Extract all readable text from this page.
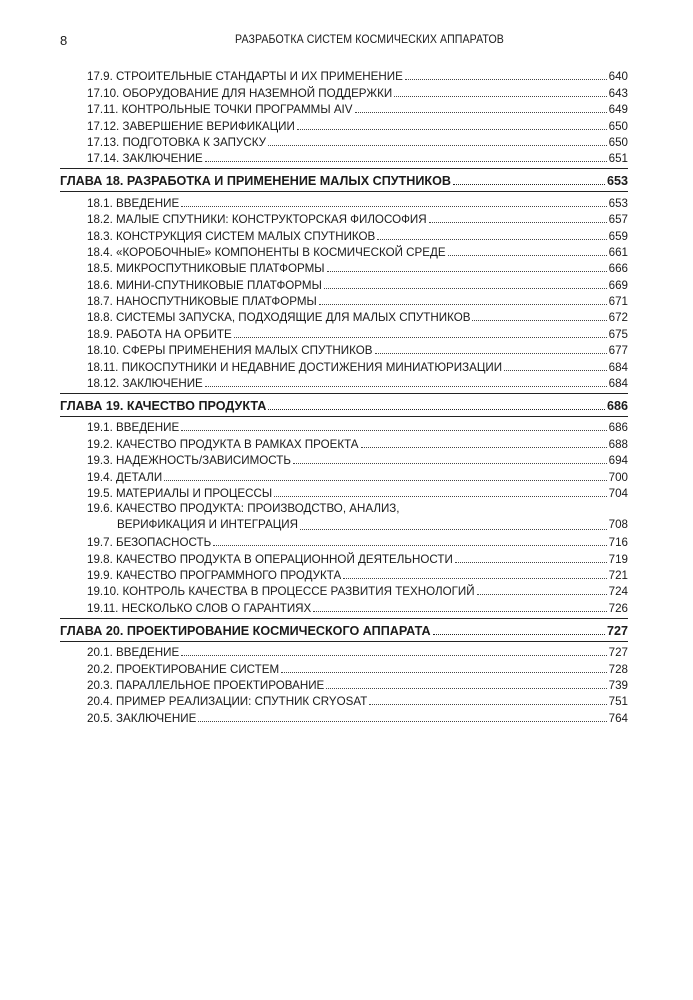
8	РАЗРАБОТКА СИСТЕМ КОСМИЧЕСКИХ АППАРАТОВ
17.9. СТРОИТЕЛЬНЫЕ СТАНДАРТЫ И ИХ ПРИМЕНЕНИЕ	640
17.10. ОБОРУДОВАНИЕ ДЛЯ НАЗЕМНОЙ ПОДДЕРЖКИ	643
17.11. КОНТРОЛЬНЫЕ ТОЧКИ ПРОГРАММЫ AIV	649
17.12. ЗАВЕРШЕНИЕ ВЕРИФИКАЦИИ	650
17.13. ПОДГОТОВКА К ЗАПУСКУ	650
17.14. ЗАКЛЮЧЕНИЕ	651
ГЛАВА 18. РАЗРАБОТКА И ПРИМЕНЕНИЕ МАЛЫХ СПУТНИКОВ	653
18.1. ВВЕДЕНИЕ	653
18.2. МАЛЫЕ СПУТНИКИ: КОНСТРУКТОРСКАЯ ФИЛОСОФИЯ	657
18.3. КОНСТРУКЦИЯ СИСТЕМ МАЛЫХ СПУТНИКОВ	659
18.4. «КОРОБОЧНЫЕ» КОМПОНЕНТЫ В КОСМИЧЕСКОЙ СРЕДЕ	661
18.5. МИКРОСПУТНИКОВЫЕ ПЛАТФОРМЫ	666
18.6. МИНИ-СПУТНИКОВЫЕ ПЛАТФОРМЫ	669
18.7. НАНОСПУТНИКОВЫЕ ПЛАТФОРМЫ	671
18.8. СИСТЕМЫ ЗАПУСКА, ПОДХОДЯЩИЕ ДЛЯ МАЛЫХ СПУТНИКОВ	672
18.9. РАБОТА НА ОРБИТЕ	675
18.10. СФЕРЫ ПРИМЕНЕНИЯ МАЛЫХ СПУТНИКОВ	677
18.11. ПИКОСПУТНИКИ И НЕДАВНИЕ ДОСТИЖЕНИЯ МИНИАТЮРИЗАЦИИ	684
18.12. ЗАКЛЮЧЕНИЕ	684
ГЛАВА 19. КАЧЕСТВО ПРОДУКТА	686
19.1. ВВЕДЕНИЕ	686
19.2. КАЧЕСТВО ПРОДУКТА В РАМКАХ ПРОЕКТА	688
19.3. НАДЕЖНОСТЬ/ЗАВИСИМОСТЬ	694
19.4. ДЕТАЛИ	700
19.5. МАТЕРИАЛЫ И ПРОЦЕССЫ	704
19.6. КАЧЕСТВО ПРОДУКТА: ПРОИЗВОДСТВО, АНАЛИЗ,
ВЕРИФИКАЦИЯ И ИНТЕГРАЦИЯ	708
19.7. БЕЗОПАСНОСТЬ	716
19.8. КАЧЕСТВО ПРОДУКТА В ОПЕРАЦИОННОЙ ДЕЯТЕЛЬНОСТИ	719
19.9. КАЧЕСТВО ПРОГРАММНОГО ПРОДУКТА	721
19.10. КОНТРОЛЬ КАЧЕСТВА В ПРОЦЕССЕ РАЗВИТИЯ ТЕХНОЛОГИЙ	724
19.11. НЕСКОЛЬКО СЛОВ О ГАРАНТИЯХ	726
ГЛАВА 20. ПРОЕКТИРОВАНИЕ КОСМИЧЕСКОГО АППАРАТА	727
20.1. ВВЕДЕНИЕ	727
20.2. ПРОЕКТИРОВАНИЕ СИСТЕМ	728
20.3. ПАРАЛЛЕЛЬНОЕ ПРОЕКТИРОВАНИЕ	739
20.4. ПРИМЕР РЕАЛИЗАЦИИ: СПУТНИК CRYOSAT	751
20.5. ЗАКЛЮЧЕНИЕ	764
